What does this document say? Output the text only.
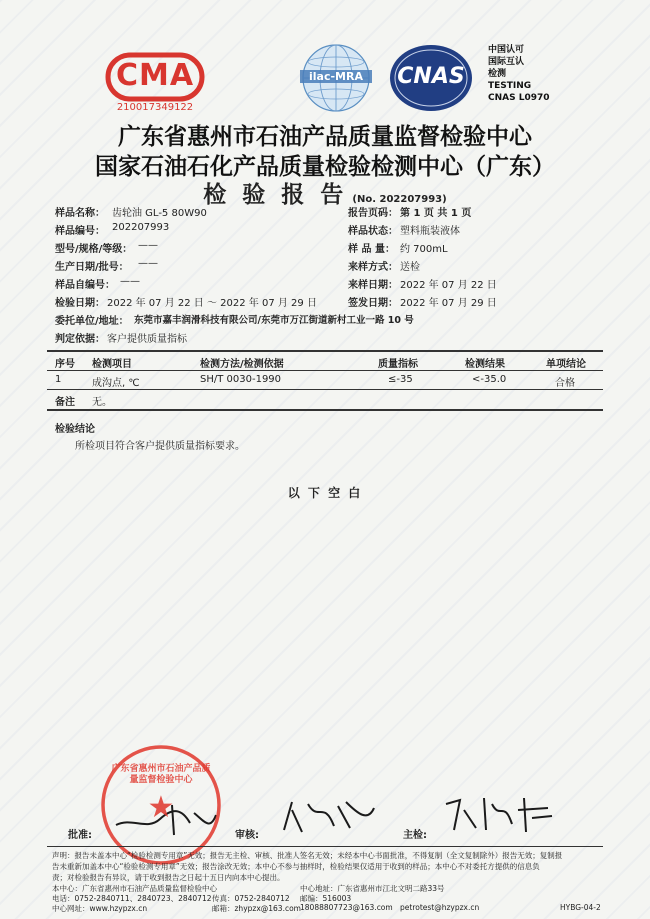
CMA
210017349122
ilac-MRA	CNAS
中国认可
国际互认
检测
TESTING
CNAS L0970
广东省惠州市石油产品质量监督检验中心
国家石油石化产品质量检验检测中心（广东）
检 验 报 告 (No. 202207993)
样品名称： 齿轮油 GL-5 80W90	报告页码： 第 1 页 共 1 页
样品编号： 202207993	样品状态： 塑料瓶装液体
型号/规格/等级： ——	样 品 量： 约 700mL
生产日期/批号： ——	来样方式： 送检
样品自编号： ——	来样日期： 2022 年 07 月 22 日
检验日期： 2022 年 07 月 22 日 ～ 2022 年 07 月 29 日	签发日期： 2022 年 07 月 29 日
委托单位/地址： 东莞市嘉丰润滑科技有限公司/东莞市万江街道新村工业一路 10 号
判定依据： 客户提供质量指标
序号 检测项目	检测方法/检测依据	质量指标	检测结果	单项结论
1	成沟点, ℃	SH/T 0030-1990	≤-35	<-35.0	合格
备注 无。
检验结论
所检项目符合客户提供质量指标要求。
以 下 空 白
批准:	审核:	主检:
广东省惠州市石油产品质量监督检验中心
★
声明：报告未盖本中心“检验检测专用章”无效；报告无主检、审核、批准人签名无效；未经本中心书面批准，不得复制（全文复制除外）报告无效；复制报
告未重新加盖本中心“检验检测专用章”无效；报告涂改无效；本中心不参与抽样时，检验结果仅适用于收到的样品；本中心不对委托方提供的信息负
责；对检验报告有异议，请于收到报告之日起十五日内向本中心提出。
本中心：广东省惠州市石油产品质量监督检验中心	中心地址：广东省惠州市江北文明二路33号
电话：0752-2840711、2840723、2840712 传真：0752-2840712 邮编：516003
中心网址：www.hzypzx.cn	邮箱：zhypzx@163.com 18088807723@163.com petrotest@hzypzx.cn	HYBG-04-2
